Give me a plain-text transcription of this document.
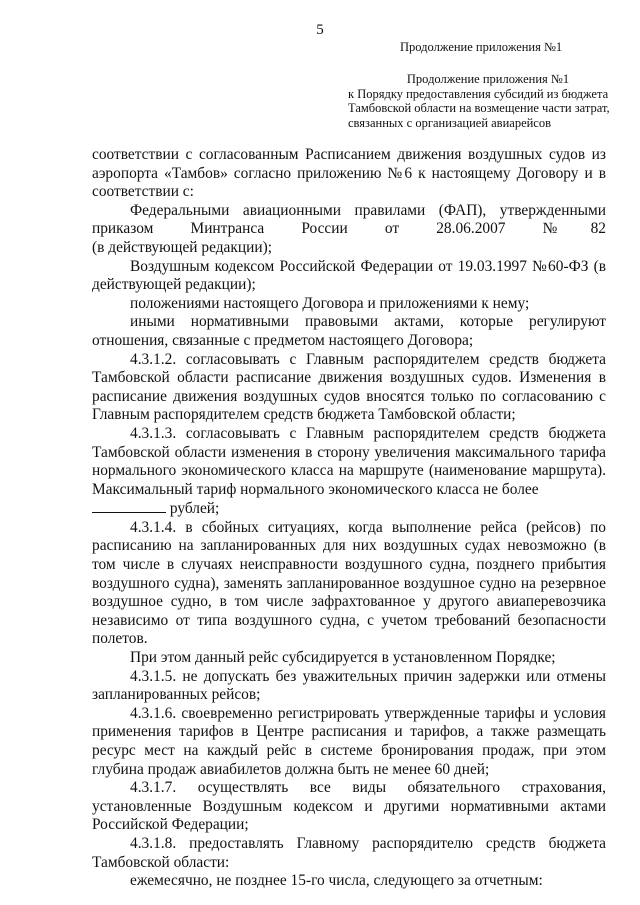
5
Продолжение приложения №1
Продолжение приложения №1
к Порядку предоставления субсидий из бюджета
Тамбовской области на возмещение части затрат,
связанных с организацией авиарейсов

соответствии с согласованным Расписанием движения воздушных судов из аэропорта «Тамбов» согласно приложению №6 к настоящему Договору и в соответствии с:

Федеральными авиационными правилами (ФАП), утвержденными приказом Минтранса России от 28.06.2007 №82

(в действующей редакции);

Воздушным кодексом Российской Федерации от 19.03.1997 №60-ФЗ (в действующей редакции);

положениями настоящего Договора и приложениями к нему;

иными нормативными правовыми актами, которые регулируют отношения, связанные с предметом настоящего Договора;

4.3.1.2. согласовывать с Главным распорядителем средств бюджета Тамбовской области расписание движения воздушных судов. Изменения в расписание движения воздушных судов вносятся только по согласованию с Главным распорядителем средств бюджета Тамбовской области;

4.3.1.3. согласовывать с Главным распорядителем средств бюджета Тамбовской области изменения в сторону увеличения максимального тарифа нормального экономического класса на маршруте (наименование маршрута). Максимальный тариф нормального экономического класса не более

рублей;

4.3.1.4. в сбойных ситуациях, когда выполнение рейса (рейсов) по расписанию на запланированных для них воздушных судах невозможно (в том числе в случаях неисправности воздушного судна, позднего прибытия воздушного судна), заменять запланированное воздушное судно на резервное воздушное судно, в том числе зафрахтованное у другого авиаперевозчика независимо от типа воздушного судна, с учетом требований безопасности полетов.

При этом данный рейс субсидируется в установленном Порядке;

4.3.1.5. не допускать без уважительных причин задержки или отмены запланированных рейсов;

4.3.1.6. своевременно регистрировать утвержденные тарифы и условия применения тарифов в Центре расписания и тарифов, а также размещать ресурс мест на каждый рейс в системе бронирования продаж, при этом глубина продаж авиабилетов должна быть не менее 60 дней;

4.3.1.7. осуществлять все виды обязательного страхования, установленные Воздушным кодексом и другими нормативными актами Российской Федерации;

4.3.1.8. предоставлять Главному распорядителю средств бюджета Тамбовской области:

ежемесячно, не позднее 15-го числа, следующего за отчетным:
